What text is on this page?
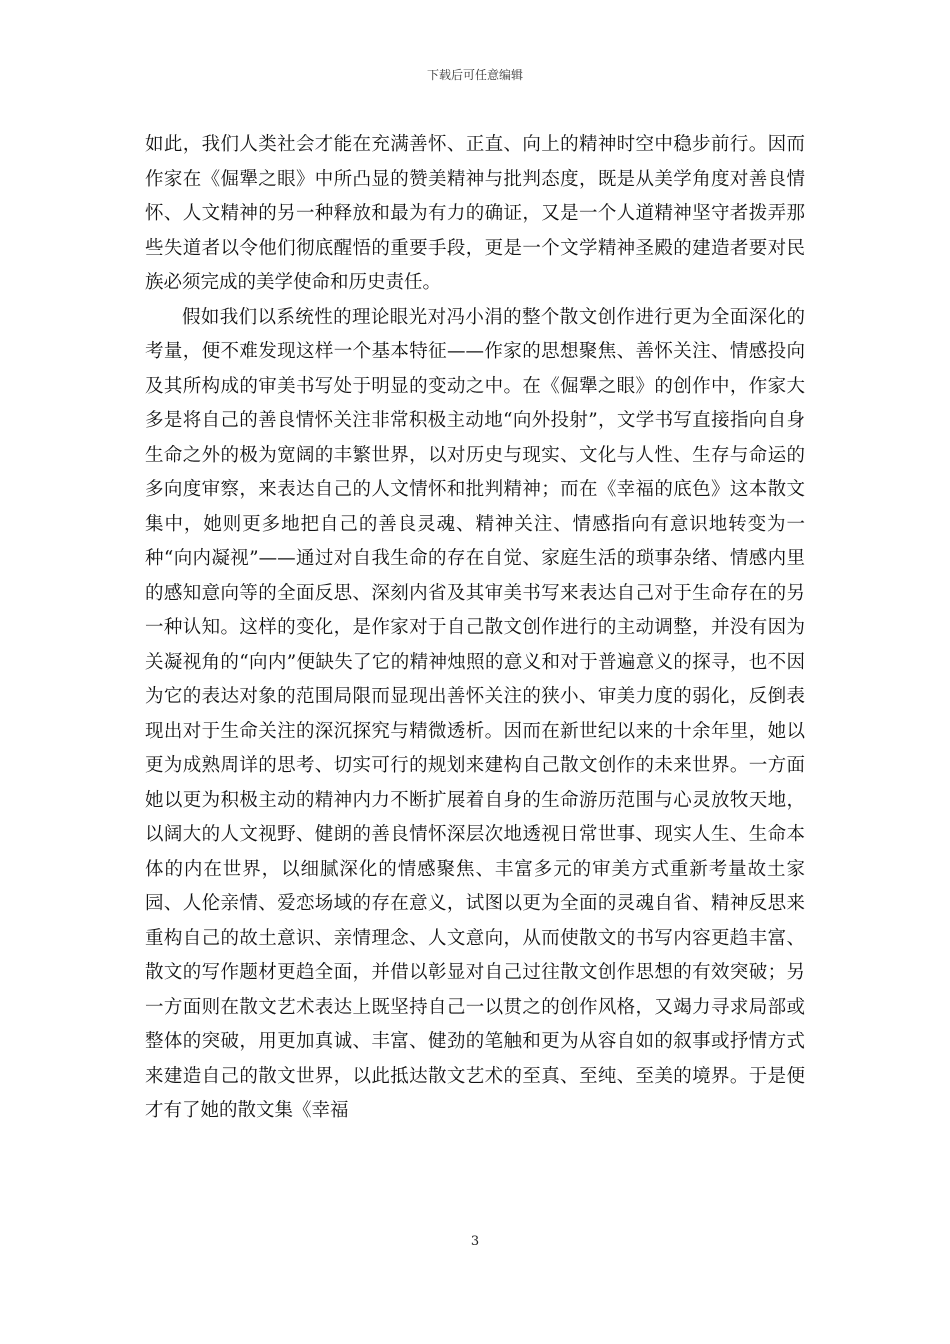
下载后可任意编辑

如此，我们人类社会才能在充满善怀、正直、向上的精神时空中稳步前行。因而作家在《倔犟之眼》中所凸显的赞美精神与批判态度，既是从美学角度对善良情怀、人文精神的另一种释放和最为有力的确证，又是一个人道精神坚守者拨弄那些失道者以令他们彻底醒悟的重要手段，更是一个文学精神圣殿的建造者要对民族必须完成的美学使命和历史责任。

假如我们以系统性的理论眼光对冯小涓的整个散文创作进行更为全面深化的考量，便不难发现这样一个基本特征——作家的思想聚焦、善怀关注、情感投向及其所构成的审美书写处于明显的变动之中。在《倔犟之眼》的创作中，作家大多是将自己的善良情怀关注非常积极主动地“向外投射”，文学书写直接指向自身生命之外的极为宽阔的丰繁世界，以对历史与现实、文化与人性、生存与命运的多向度审察，来表达自己的人文情怀和批判精神；而在《幸福的底色》这本散文集中，她则更多地把自己的善良灵魂、精神关注、情感指向有意识地转变为一种“向内凝视”——通过对自我生命的存在自觉、家庭生活的琐事杂绪、情感内里的感知意向等的全面反思、深刻内省及其审美书写来表达自己对于生命存在的另一种认知。这样的变化，是作家对于自己散文创作进行的主动调整，并没有因为关凝视角的“向内”便缺失了它的精神烛照的意义和对于普遍意义的探寻，也不因为它的表达对象的范围局限而显现出善怀关注的狭小、审美力度的弱化，反倒表现出对于生命关注的深沉探究与精微透析。因而在新世纪以来的十余年里，她以更为成熟周详的思考、切实可行的规划来建构自己散文创作的未来世界。一方面她以更为积极主动的精神内力不断扩展着自身的生命游历范围与心灵放牧天地，以阔大的人文视野、健朗的善良情怀深层次地透视日常世事、现实人生、生命本体的内在世界，以细腻深化的情感聚焦、丰富多元的审美方式重新考量故土家园、人伦亲情、爱恋场域的存在意义，试图以更为全面的灵魂自省、精神反思来重构自己的故土意识、亲情理念、人文意向，从而使散文的书写内容更趋丰富、散文的写作题材更趋全面，并借以彰显对自己过往散文创作思想的有效突破；另一方面则在散文艺术表达上既坚持自己一以贯之的创作风格，又竭力寻求局部或整体的突破，用更加真诚、丰富、健劲的笔触和更为从容自如的叙事或抒情方式来建造自己的散文世界，以此抵达散文艺术的至真、至纯、至美的境界。于是便才有了她的散文集《幸福

3
